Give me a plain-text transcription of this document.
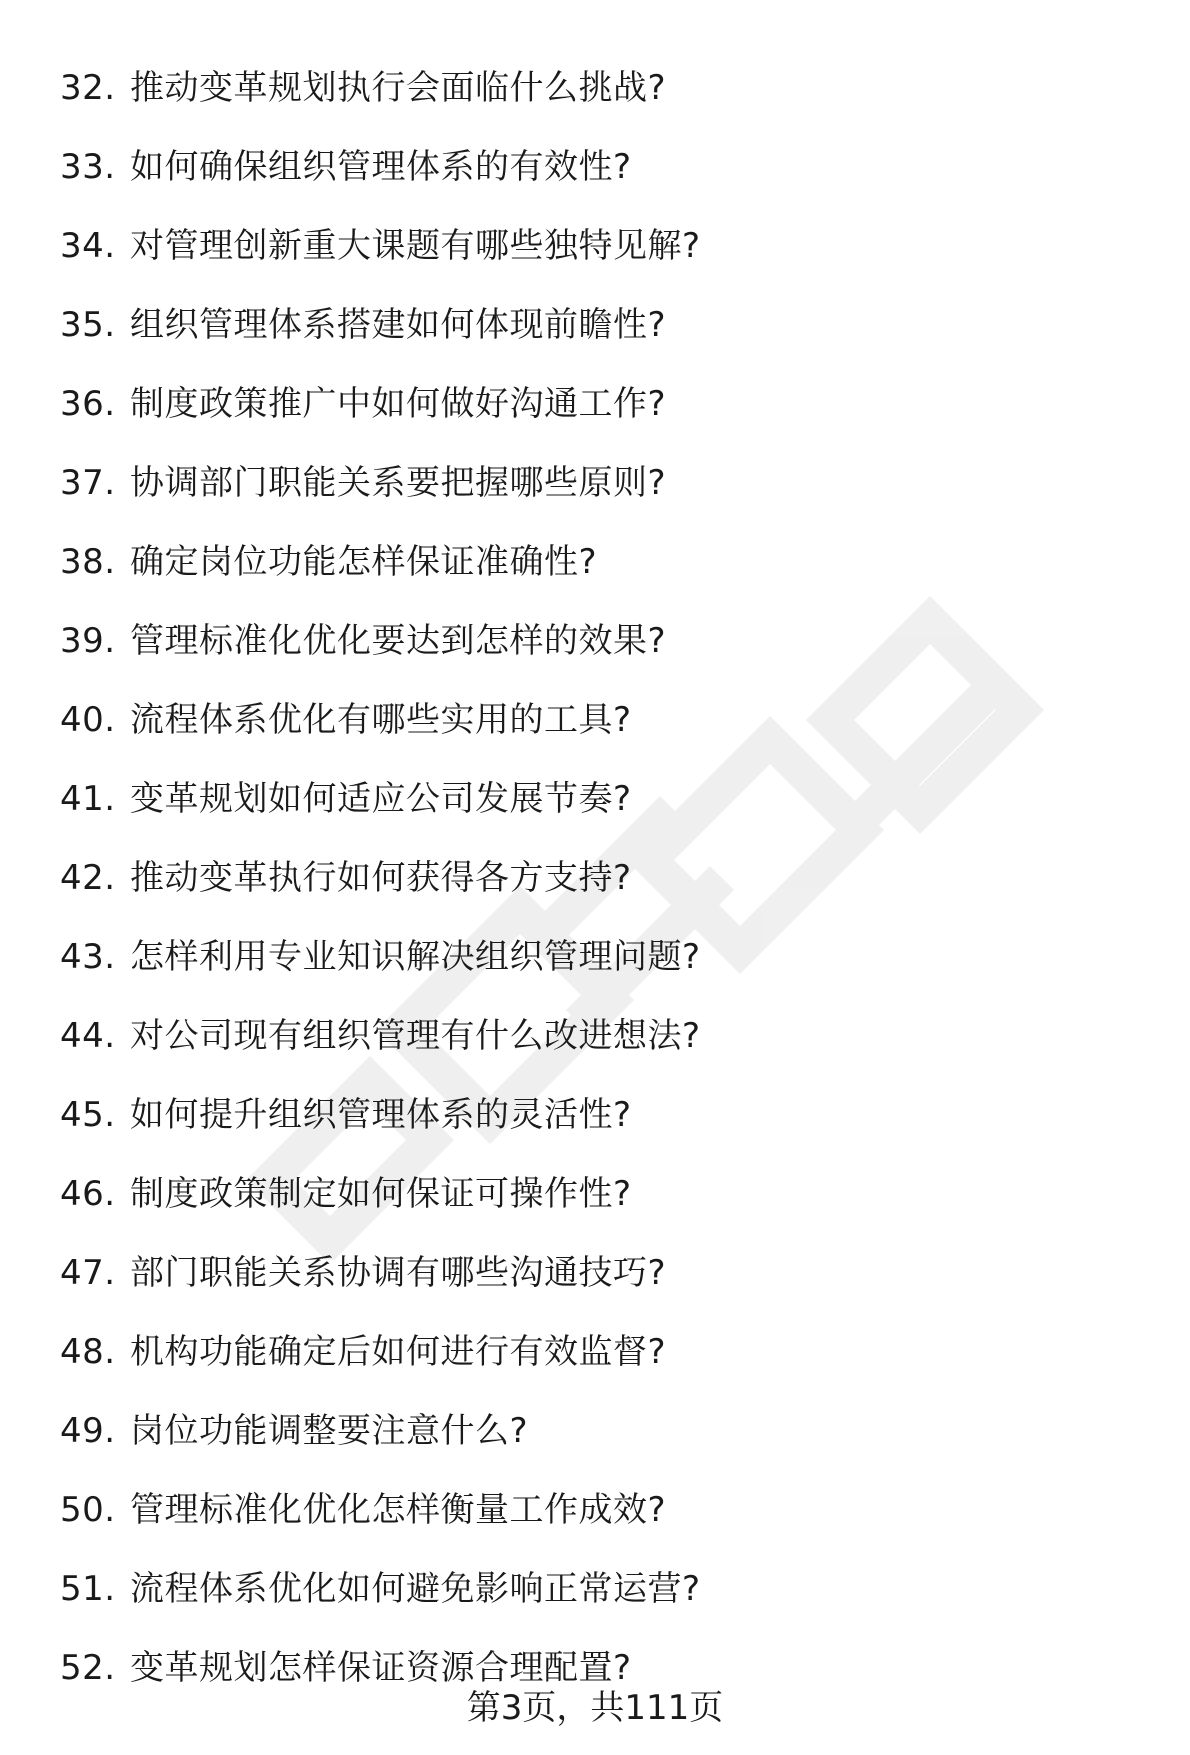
32. 推动变革规划执行会面临什么挑战?
33. 如何确保组织管理体系的有效性?
34. 对管理创新重大课题有哪些独特见解?
35. 组织管理体系搭建如何体现前瞻性?
36. 制度政策推广中如何做好沟通工作?
37. 协调部门职能关系要把握哪些原则?
38. 确定岗位功能怎样保证准确性?
39. 管理标准化优化要达到怎样的效果?
40. 流程体系优化有哪些实用的工具?
41. 变革规划如何适应公司发展节奏?
42. 推动变革执行如何获得各方支持?
43. 怎样利用专业知识解决组织管理问题?
44. 对公司现有组织管理有什么改进想法?
45. 如何提升组织管理体系的灵活性?
46. 制度政策制定如何保证可操作性?
47. 部门职能关系协调有哪些沟通技巧?
48. 机构功能确定后如何进行有效监督?
49. 岗位功能调整要注意什么?
50. 管理标准化优化怎样衡量工作成效?
51. 流程体系优化如何避免影响正常运营?
52. 变革规划怎样保证资源合理配置?
第3页，共111页
